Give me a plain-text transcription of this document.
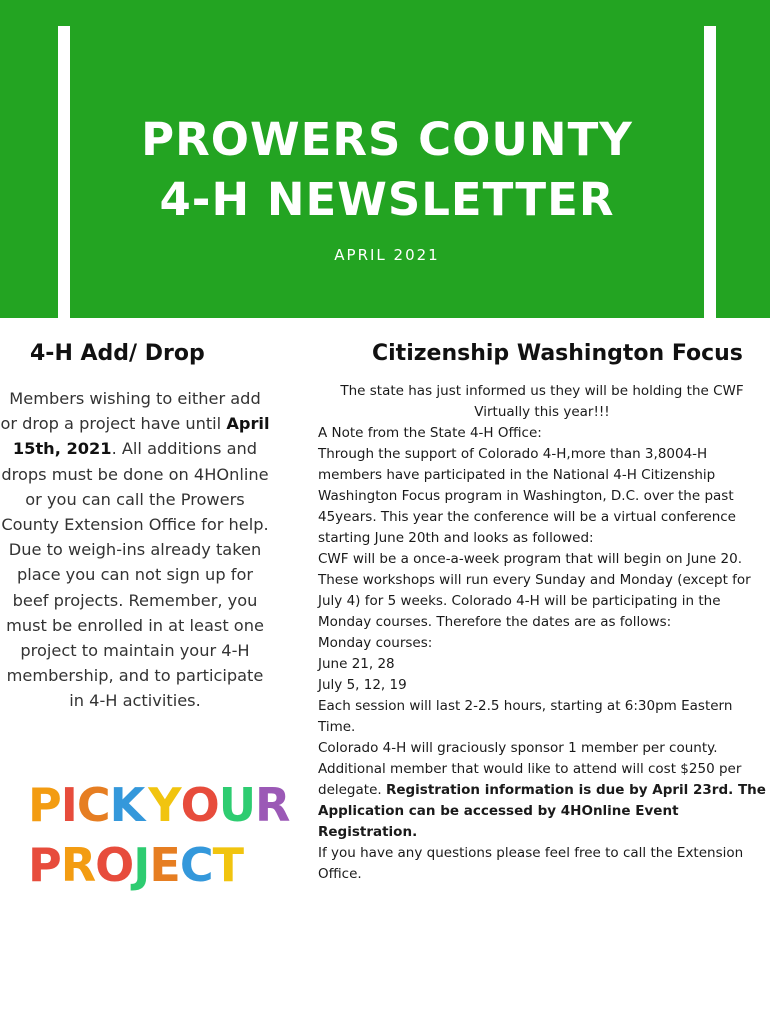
PROWERS COUNTY
4-H NEWSLETTER
APRIL 2021
4-H Add/ Drop
Members wishing to either add or drop a project have until April 15th, 2021. All additions and drops must be done on 4HOnline or you can call the Prowers County Extension Office for help. Due to weigh-ins already taken place you can not sign up for beef projects. Remember, you must be enrolled in at least one project to maintain your 4-H membership, and to participate in 4-H activities.
P I C K Y O U R
P R O J E C T
Citizenship Washington Focus
The state has just informed us they will be holding the CWF Virtually this year!!!
A Note from the State 4-H Office:
Through the support of Colorado 4-H,more than 3,8004-H members have participated in the National 4-H Citizenship Washington Focus program in Washington, D.C. over the past 45years. This year the conference will be a virtual conference starting June 20th and looks as followed:
CWF will be a once-a-week program that will begin on June 20. These workshops will run every Sunday and Monday (except for July 4) for 5 weeks. Colorado 4-H will be participating in the Monday courses. Therefore the dates are as follows:
Monday courses:
June 21, 28
July 5, 12, 19
Each session will last 2-2.5 hours, starting at 6:30pm Eastern Time.
Colorado 4-H will graciously sponsor 1 member per county. Additional member that would like to attend will cost $250 per delegate. Registration information is due by April 23rd. The Application can be accessed by 4HOnline Event Registration.
If you have any questions please feel free to call the Extension Office.
